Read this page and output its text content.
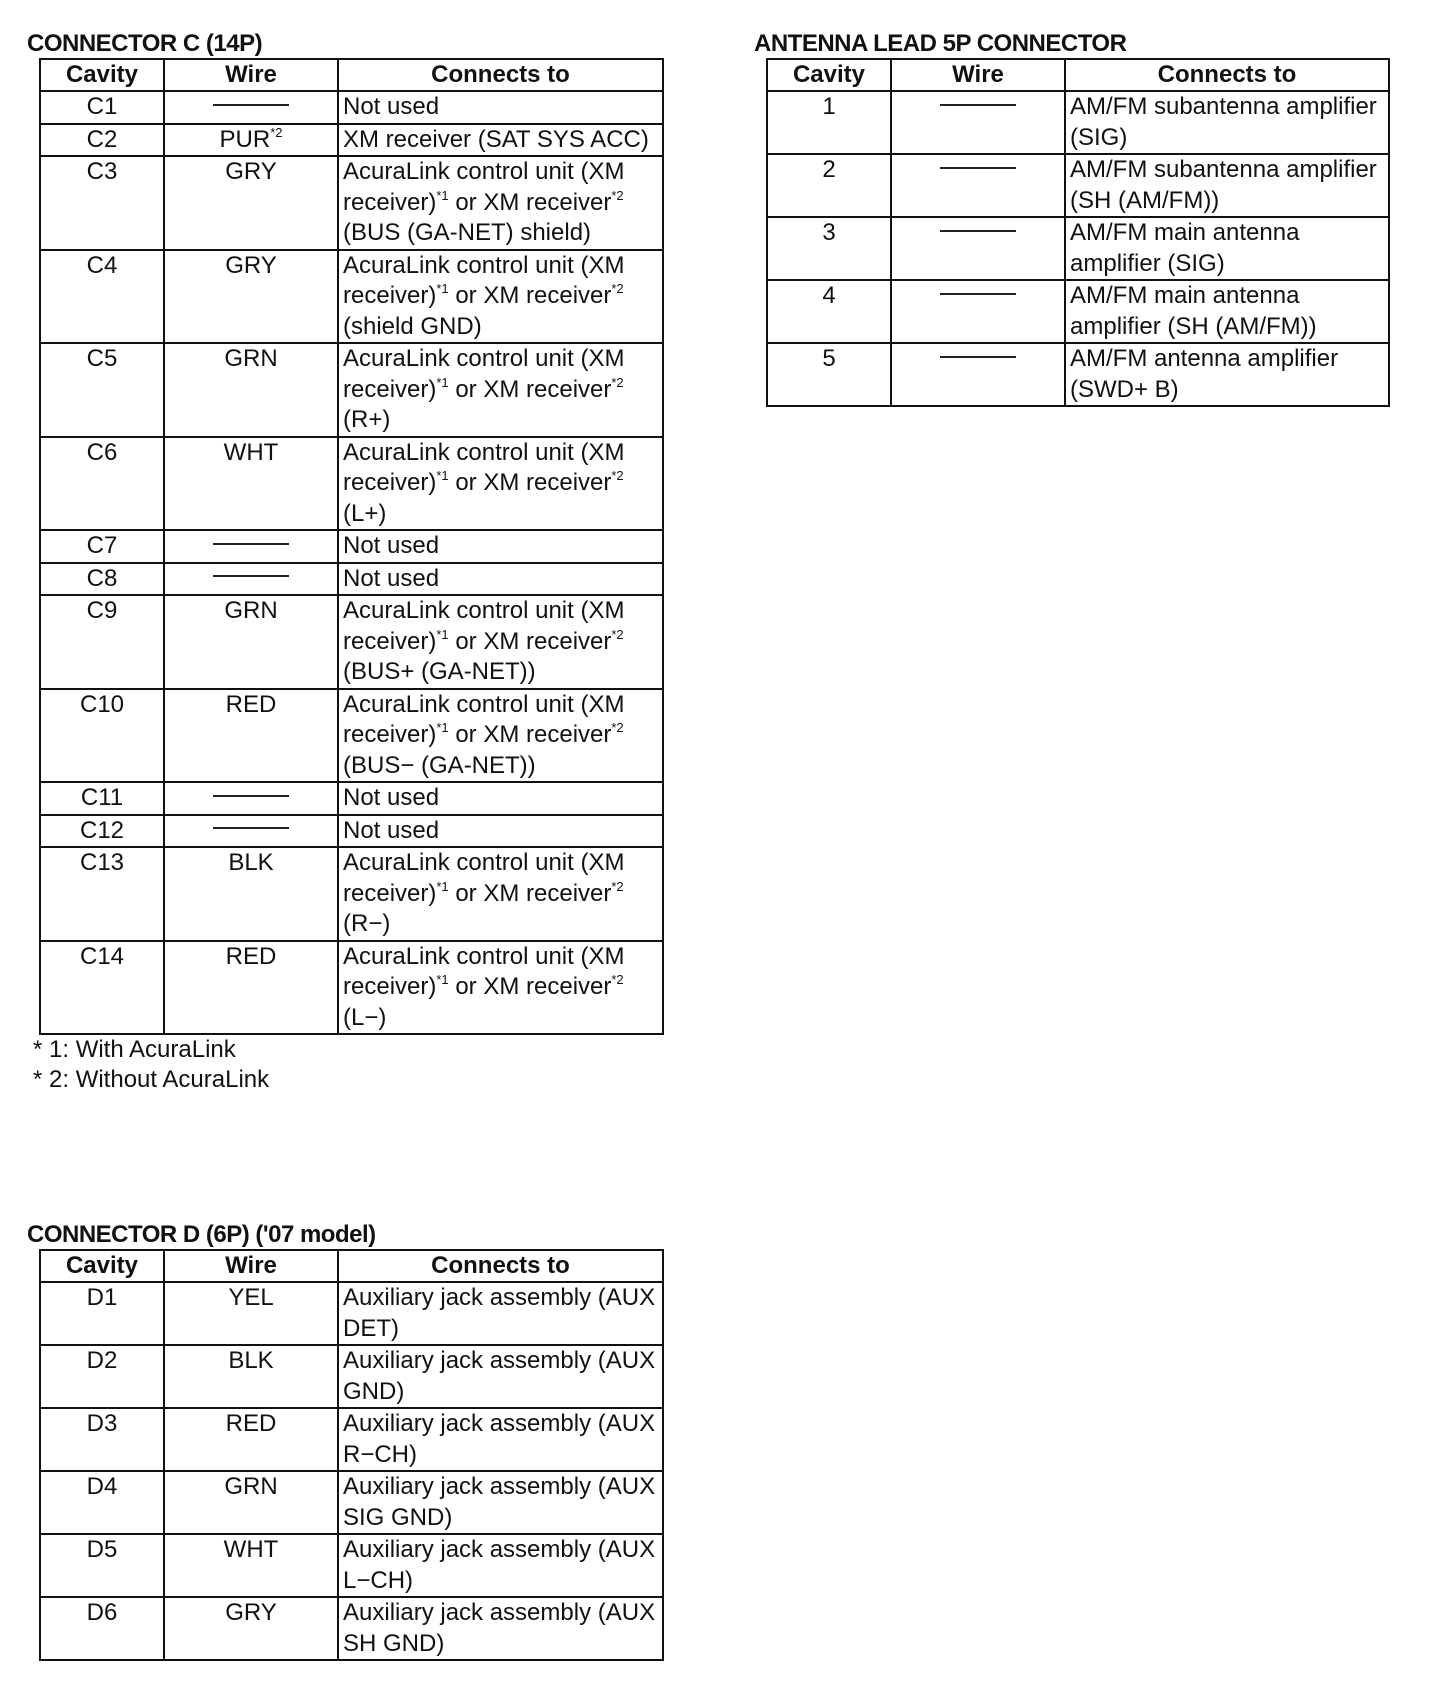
CONNECTOR C (14P)
Cavity	Wire	Connects to
C1		Not used
C2	PUR$^{*2}$	XM receiver (SAT SYS ACC)
C3	GRY	AcuraLink control unit (XM receiver)$^{*1}$ or XM receiver$^{*2}$ (BUS (GA-NET) shield)
C4	GRY	AcuraLink control unit (XM receiver)$^{*1}$ or XM receiver$^{*2}$ (shield GND)
C5	GRN	AcuraLink control unit (XM receiver)$^{*1}$ or XM receiver$^{*2}$ (R+)
C6	WHT	AcuraLink control unit (XM receiver)$^{*1}$ or XM receiver$^{*2}$ (L+)
C7		Not used
C8		Not used
C9	GRN	AcuraLink control unit (XM receiver)$^{*1}$ or XM receiver$^{*2}$ (BUS+ (GA-NET))
C10	RED	AcuraLink control unit (XM receiver)$^{*1}$ or XM receiver$^{*2}$ (BUS− (GA-NET))
C11		Not used
C12		Not used
C13	BLK	AcuraLink control unit (XM receiver)$^{*1}$ or XM receiver$^{*2}$ (R−)
C14	RED	AcuraLink control unit (XM receiver)$^{*1}$ or XM receiver$^{*2}$ (L−)
* 1: With AcuraLink
* 2: Without AcuraLink
ANTENNA LEAD 5P CONNECTOR
Cavity	Wire	Connects to
1		AM/FM subantenna amplifier (SIG)
2		AM/FM subantenna amplifier (SH (AM/FM))
3		AM/FM main antenna amplifier (SIG)
4		AM/FM main antenna amplifier (SH (AM/FM))
5		AM/FM antenna amplifier (SWD+ B)
CONNECTOR D (6P) ('07 model)
Cavity	Wire	Connects to
D1	YEL	Auxiliary jack assembly (AUX DET)
D2	BLK	Auxiliary jack assembly (AUX GND)
D3	RED	Auxiliary jack assembly (AUX R−CH)
D4	GRN	Auxiliary jack assembly (AUX SIG GND)
D5	WHT	Auxiliary jack assembly (AUX L−CH)
D6	GRY	Auxiliary jack assembly (AUX SH GND)
